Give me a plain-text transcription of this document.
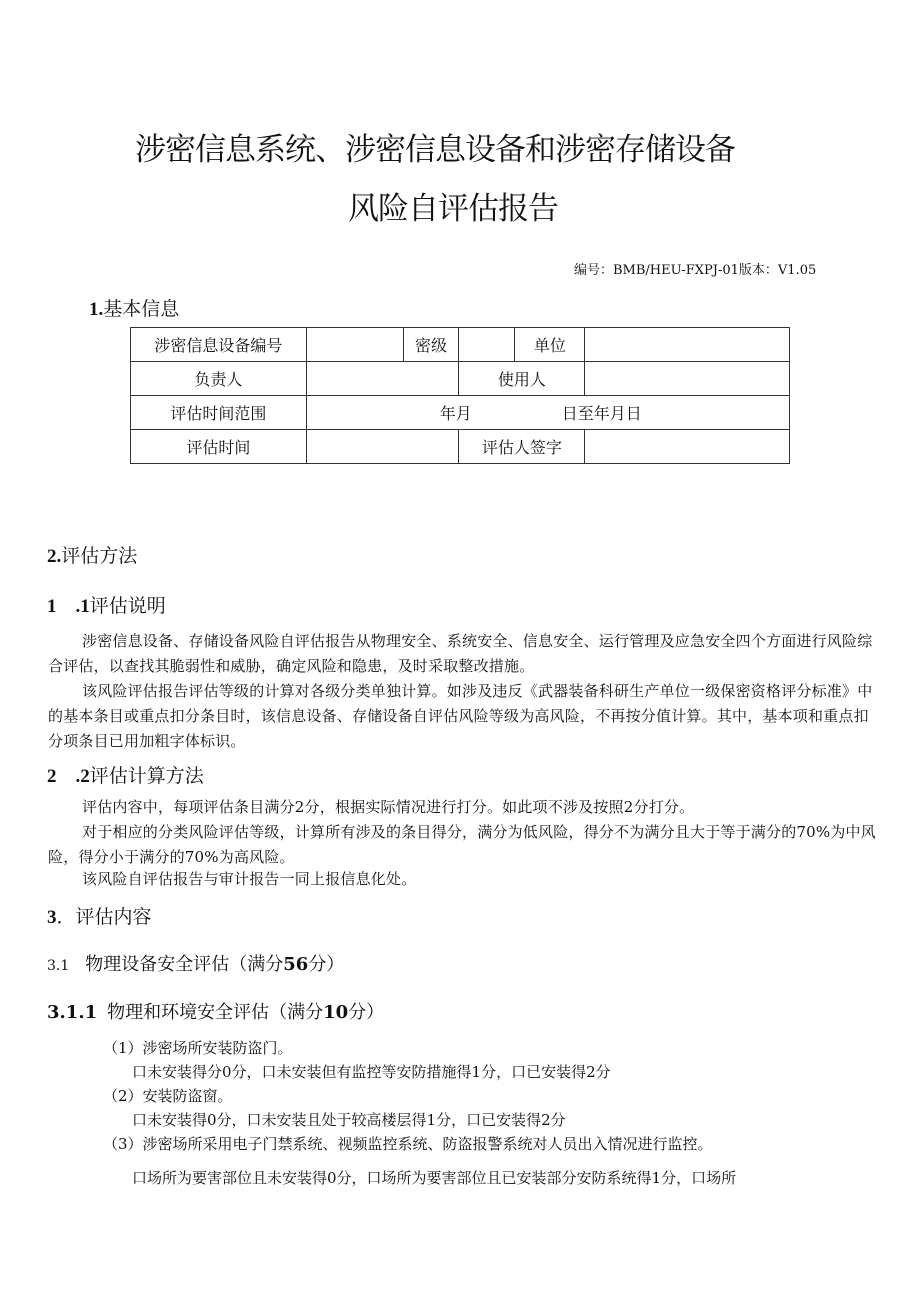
涉密信息系统、涉密信息设备和涉密存储设备
风险自评估报告
编号：BMB/HEU-FXPJ-01版本：V1.05
1.基本信息
涉密信息设备编号		密级		单位	
负责人			使用人		
评估时间范围	年月 日至年月日				
评估时间			评估人签字		
2.评估方法
1　.1评估说明

涉密信息设备、存储设备风险自评估报告从物理安全、系统安全、信息安全、运行管理及应急安全四个方面进行风险综合评估，以查找其脆弱性和威胁，确定风险和隐患，及时采取整改措施。

该风险评估报告评估等级的计算对各级分类单独计算。如涉及违反《武器装备科研生产单位一级保密资格评分标准》中的基本条目或重点扣分条目时，该信息设备、存储设备自评估风险等级为高风险，不再按分值计算。其中，基本项和重点扣分项条目已用加粗字体标识。

2　.2评估计算方法

评估内容中，每项评估条目满分2分，根据实际情况进行打分。如此项不涉及按照2分打分。

对于相应的分类风险评估等级，计算所有涉及的条目得分，满分为低风险，得分不为满分且大于等于满分的70%为中风险，得分小于满分的70%为高风险。

该风险自评估报告与审计报告一同上报信息化处。

3．评估内容
3.1 物理设备安全评估（满分56分）
3.1.1 物理和环境安全评估（满分10分）
（1）涉密场所安装防盗门。
口未安装得分0分，口未安装但有监控等安防措施得1分，口已安装得2分
（2）安装防盗窗。
口未安装得0分，口未安装且处于较高楼层得1分，口已安装得2分
（3）涉密场所采用电子门禁系统、视频监控系统、防盗报警系统对人员出入情况进行监控。
口场所为要害部位且未安装得0分，口场所为要害部位且已安装部分安防系统得1分，口场所
